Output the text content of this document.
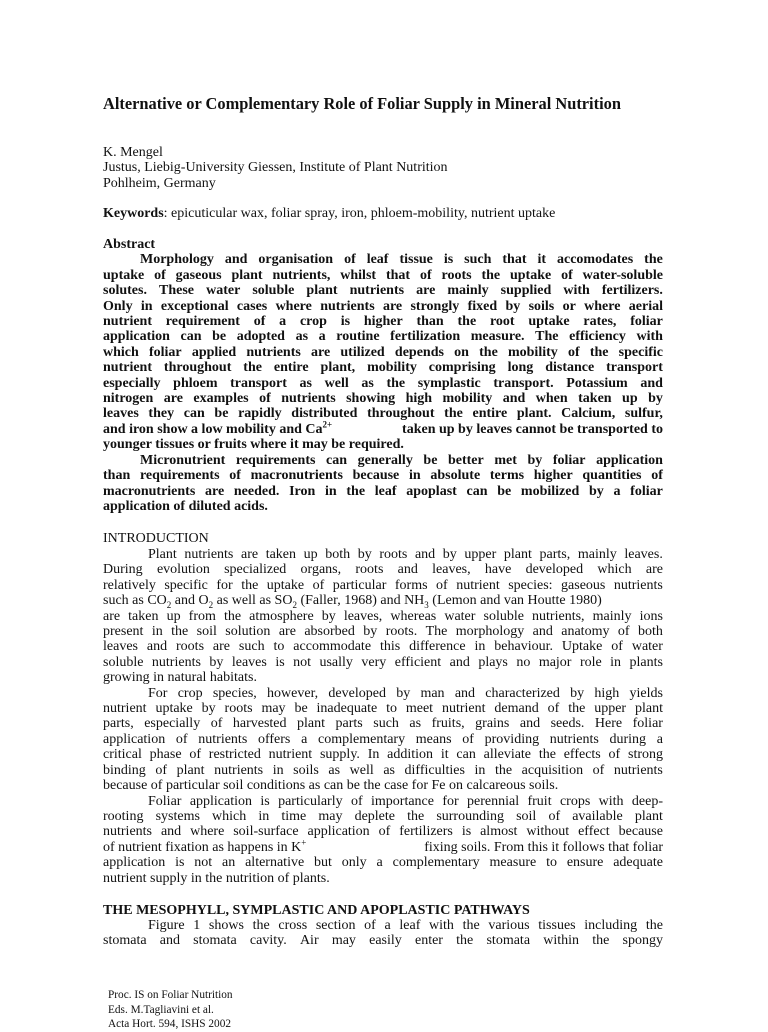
Alternative or Complementary Role of Foliar Supply in Mineral Nutrition
K. Mengel
Justus, Liebig-University Giessen, Institute of Plant Nutrition
Pohlheim, Germany
Keywords: epicuticular wax, foliar spray, iron, phloem-mobility, nutrient uptake
Abstract
Morphology and organisation of leaf tissue is such that it accomodates the
uptake of gaseous plant nutrients, whilst that of roots the uptake of water-soluble
solutes. These water soluble plant nutrients are mainly supplied with fertilizers.
Only in exceptional cases where nutrients are strongly fixed by soils or where aerial
nutrient requirement of a crop is higher than the root uptake rates, foliar
application can be adopted as a routine fertilization measure. The efficiency with
which foliar applied nutrients are utilized depends on the mobility of the specific
nutrient throughout the entire plant, mobility comprising long distance transport
especially phloem transport as well as the symplastic transport. Potassium and
nitrogen are examples of nutrients showing high mobility and when taken up by
leaves they can be rapidly distributed throughout the entire plant. Calcium, sulfur,
and iron show a low mobility and $Ca^{2+}$	taken up by leaves cannot be transported to
younger tissues or fruits where it may be required.
Micronutrient requirements can generally be better met by foliar application
than requirements of macronutrients because in absolute terms higher quantities of
macronutrients are needed. Iron in the leaf apoplast can be mobilized by a foliar
application of diluted acids.
INTRODUCTION
Plant nutrients are taken up both by roots and by upper plant parts, mainly leaves.
During evolution specialized organs, roots and leaves, have developed which are
relatively specific for the uptake of particular forms of nutrient species: gaseous nutrients
such as $CO_2$ and $O_2$ as well as $SO_2$ (Faller, 1968) and $NH_3$ (Lemon and van Houtte 1980)
are taken up from the atmosphere by leaves, whereas water soluble nutrients, mainly ions
present in the soil solution are absorbed by roots. The morphology and anatomy of both
leaves and roots are such to accommodate this difference in behaviour. Uptake of water
soluble nutrients by leaves is not usally very efficient and plays no major role in plants
growing in natural habitats.
For crop species, however, developed by man and characterized by high yields
nutrient uptake by roots may be inadequate to meet nutrient demand of the upper plant
parts, especially of harvested plant parts such as fruits, grains and seeds. Here foliar
application of nutrients offers a complementary means of providing nutrients during a
critical phase of restricted nutrient supply. In addition it can alleviate the effects of strong
binding of plant nutrients in soils as well as difficulties in the acquisition of nutrients
because of particular soil conditions as can be the case for Fe on calcareous soils.
Foliar application is particularly of importance for perennial fruit crops with deep-
rooting systems which in time may deplete the surrounding soil of available plant
nutrients and where soil-surface application of fertilizers is almost without effect because
of nutrient fixation as happens in K+	fixing soils. From this it follows that foliar
application is not an alternative but only a complementary measure to ensure adequate
nutrient supply in the nutrition of plants.
THE MESOPHYLL, SYMPLASTIC AND APOPLASTIC PATHWAYS
Figure 1 shows the cross section of a leaf with the various tissues including the
stomata and stomata cavity. Air may easily enter the stomata within the spongy
Proc. IS on Foliar Nutrition
Eds. M.Tagliavini et al.
Acta Hort. 594, ISHS 2002
